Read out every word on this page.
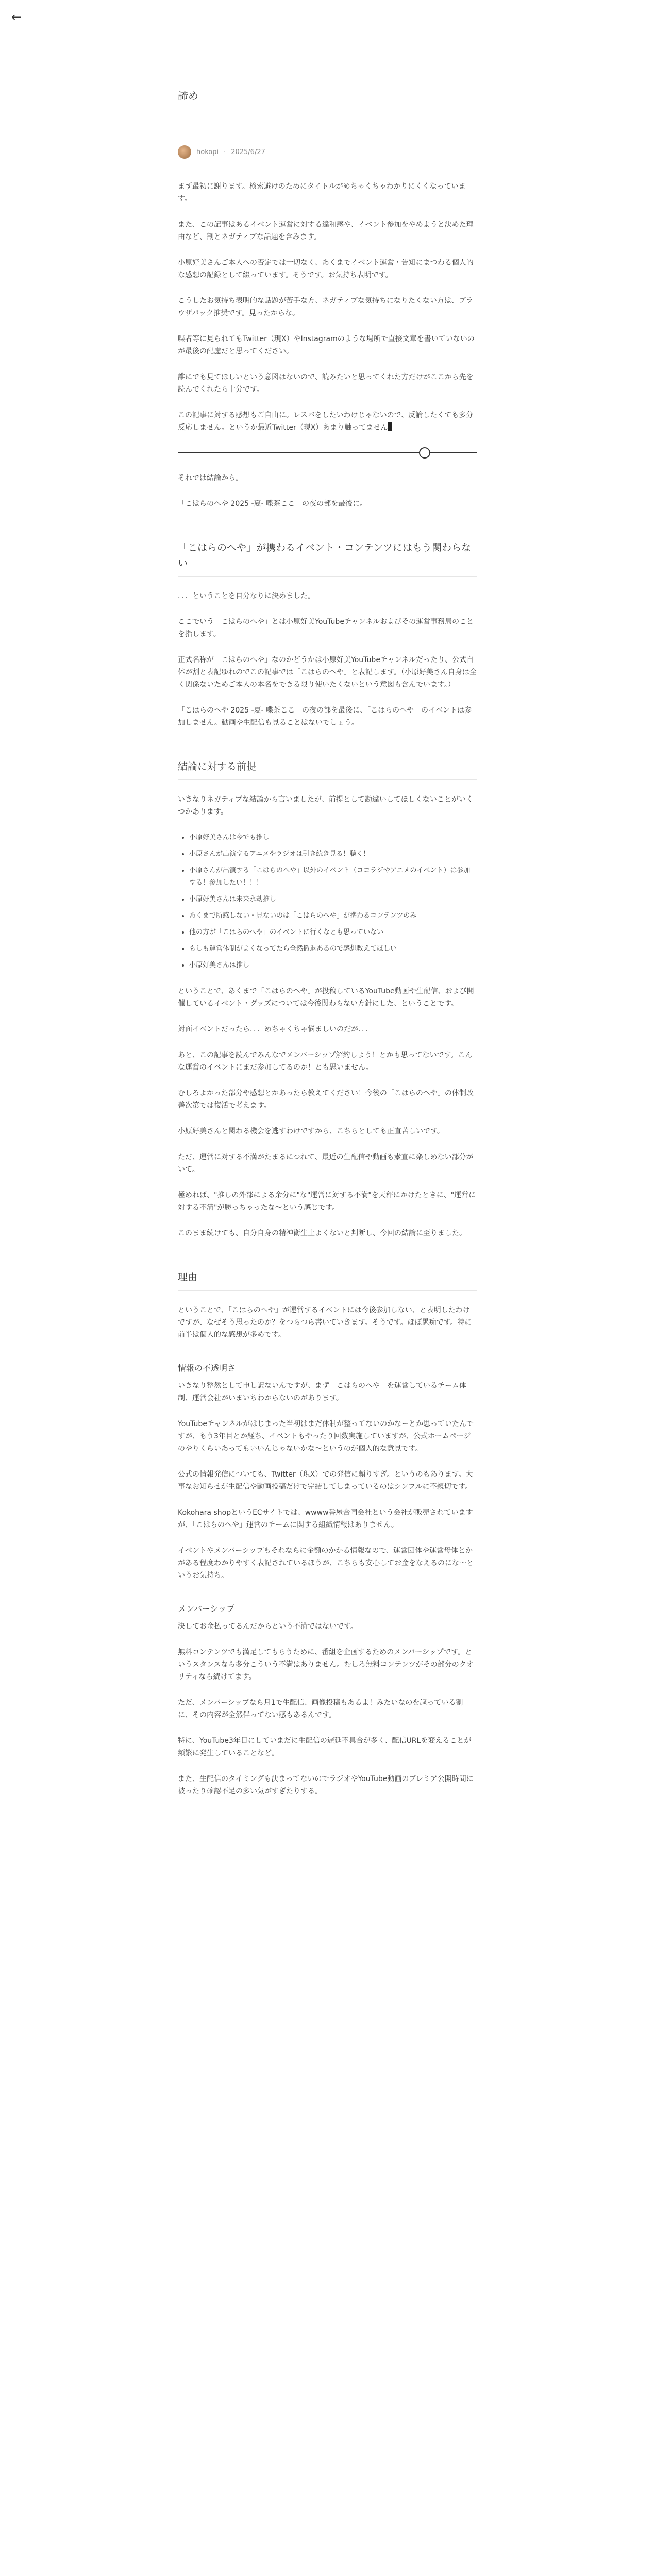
←
諦め
hokopi · 2025/6/27

まず最初に謝ります。検索避けのためにタイトルがめちゃくちゃわかりにくくなっています。

また、この記事はあるイベント運営に対する違和感や、イベント参加をやめようと決めた理由など、割とネガティブな話題を含みます。

小原好美さんご本人への否定では一切なく、あくまでイベント運営・告知にまつわる個人的な感想の記録として綴っています。そうです。お気持ち表明です。

こうしたお気持ち表明的な話題が苦手な方、ネガティブな気持ちになりたくない方は、ブラウザバック推奨です。見ったからな。

喋者等に見られてもTwitter（現X）やInstagramのような場所で直接文章を書いていないのが最後の配慮だと思ってください。

誰にでも見てほしいという意図はないので、読みたいと思ってくれた方だけがここから先を読んでくれたら十分です。

この記事に対する感想もご自由に。レスバをしたいわけじゃないので、反論したくても多分反応しません。というか最近Twitter（現X）あまり触ってません

それでは結論から。

「こはらのへや 2025 -夏- 喋茶ここ」の夜の部を最後に。

「こはらのへや」が携わるイベント・コンテンツにはもう関わらない

．．．ということを自分なりに決めました。

ここでいう「こはらのへや」とは小原好美YouTubeチャンネルおよびその運営事務局のことを指します。

正式名称が「こはらのへや」なのかどうかは小原好美YouTubeチャンネルだったり、公式自体が割と表記ゆれのでこの記事では「こはらのへや」と表記します。（小原好美さん自身は全く関係ないためご本人の本名をできる限り使いたくないという意図も含んでいます。）

「こはらのへや 2025 -夏- 喋茶ここ」の夜の部を最後に、「こはらのへや」のイベントは参加しません。動画や生配信も見ることはないでしょう。

結論に対する前提

いきなりネガティブな結論から言いましたが、前提として勘違いしてほしくないことがいくつかあります。

• 小原好美さんは今でも推し
• 小原さんが出演するアニメやラジオは引き続き見る！聴く！
• 小原さんが出演する「こはらのへや」以外のイベント（ココラジやアニメのイベント）は参加する！参加したい！！！
• 小原好美さんは未来永劫推し
• あくまで所感しない・見ないのは「こはらのへや」が携わるコンテンツのみ
• 他の方が「こはらのへや」のイベントに行くなとも思っていない
• もしも運営体制がよくなってたら全然撤退あるので感想教えてほしい
• 小原好美さんは推し

ということで、あくまで「こはらのへや」が投稿しているYouTube動画や生配信、および開催しているイベント・グッズについては今後関わらない方針にした、ということです。

対面イベントだったら．．．めちゃくちゃ悩ましいのだが．．．

あと、この記事を読んでみんなでメンバーシップ解約しよう！とかも思ってないです。こんな運営のイベントにまだ参加してるのか！とも思いません。

むしろよかった部分や感想とかあったら教えてください！今後の「こはらのへや」の体制改善次第では復活で考えます。

小原好美さんと関わる機会を逃すわけですから、こちらとしても正直苦しいです。

ただ、運営に対する不満がたまるにつれて、最近の生配信や動画も素直に楽しめない部分がいて。

極めれば、"推しの外部による余分に"な"運営に対する不満"を天秤にかけたときに、"運営に対する不満"が勝っちゃったな〜という感じです。

このまま続けても、自分自身の精神衛生上よくないと判断し、今回の結論に至りました。

理由

ということで、「こはらのへや」が運営するイベントには今後参加しない、と表明したわけですが、なぜそう思ったのか？をつらつら書いていきます。そうです。ほぼ愚痴です。特に前半は個人的な感想が多めです。

情報の不透明さ

いきなり整然として申し訳ないんですが、まず「こはらのへや」を運営しているチーム体制、運営会社がいまいちわからないのがあります。

YouTubeチャンネルがはじまった当初はまだ体制が整ってないのかなーとか思っていたんですが、もう3年目とか経ち、イベントもやったり回数実施していますが、公式ホームページのやりくらいあってもいいんじゃないかな〜というのが個人的な意見です。

公式の情報発信についても、Twitter（現X）での発信に頼りすぎ。というのもあります。大事なお知らせが生配信や動画投稿だけで完結してしまっているのはシンプルに不親切です。

Kokohara shopというECサイトでは、wwww番屋合同会社という会社が販売されていますが、「こはらのへや」運営のチームに関する組織情報はありません。

イベントやメンバーシップもそれならに金額のかかる情報なので、運営団体や運営母体とかがある程度わかりやすく表記されているほうが、こちらも安心してお金をなえるのにな〜というお気持ち。

メンバーシップ

決してお金払ってるんだからという不満ではないです。

無料コンテンツでも満足してもらうために、番組を企画するためのメンバーシップです。というスタンスなら多分こういう不満はありません。むしろ無料コンテンツがその部分のクオリティなら続けてます。

ただ、メンバーシップなら月1で生配信、画像投稿もあるよ！みたいなのを謳っている割に、その内容が全然伴ってない感もあるんです。

特に、YouTube3年目にしていまだに生配信の遅延不具合が多く、配信URLを変えることが頻繁に発生していることなど。

また、生配信のタイミングも決まってないのでラジオやYouTube動画のプレミア公開時間に被ったり確認不足の多い気がすぎたりする。
